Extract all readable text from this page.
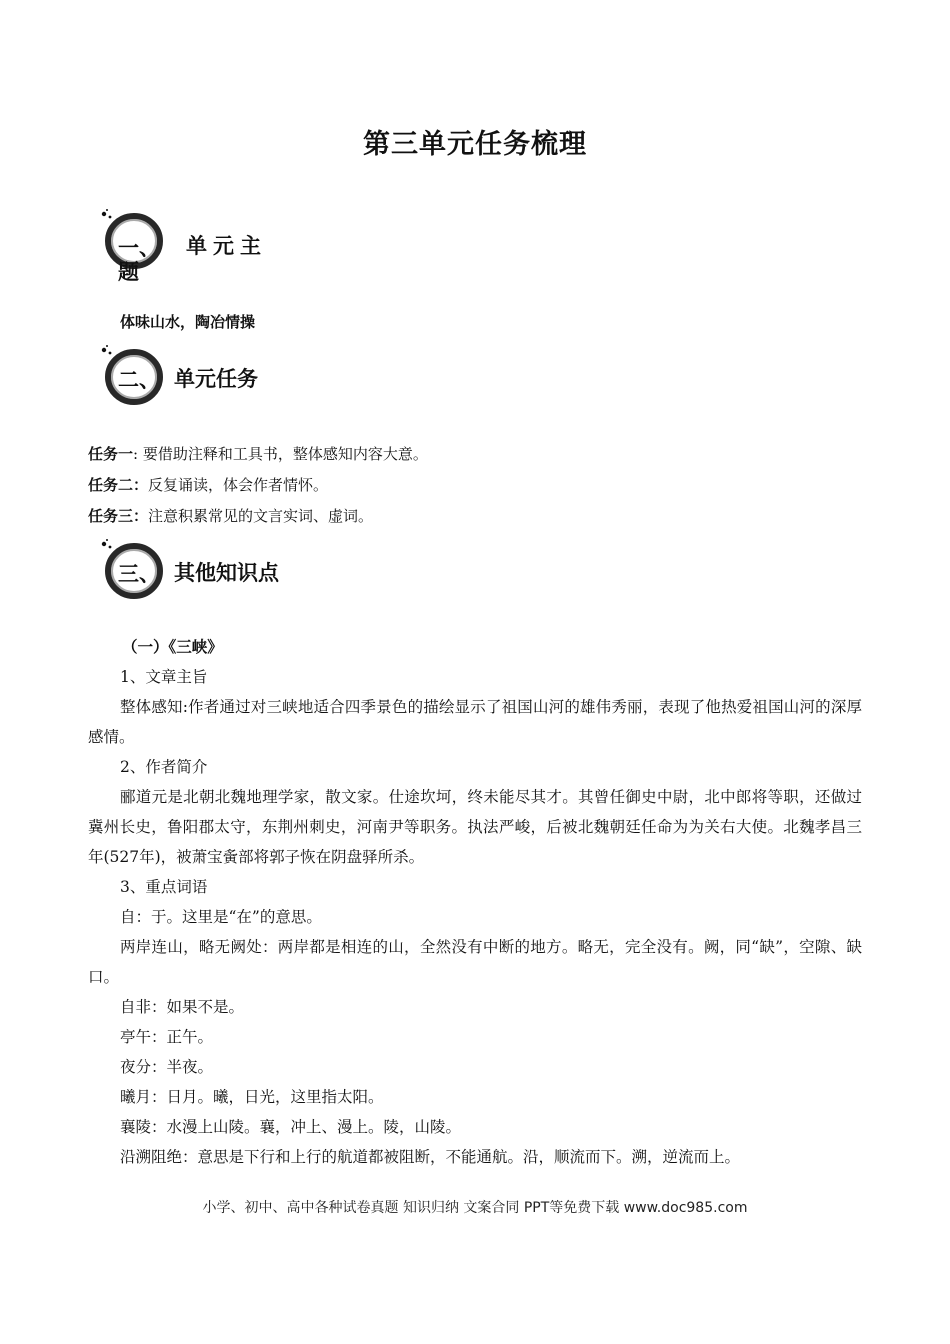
第三单元任务梳理
一、 单元主
题
体味山水，陶冶情操
二、 单元任务
任务一: 要借助注释和工具书，整体感知内容大意。
任务二：反复诵读，体会作者情怀。
任务三：注意积累常见的文言实词、虚词。
三、 其他知识点
（一）《三峡》
1、文章主旨
整体感知:作者通过对三峡地适合四季景色的描绘显示了祖国山河的雄伟秀丽，表现了他热爱祖国山河的深厚感情。
2、作者简介
郦道元是北朝北魏地理学家，散文家。仕途坎坷，终未能尽其才。其曾任御史中尉，北中郎将等职，还做过冀州长史，鲁阳郡太守，东荆州刺史，河南尹等职务。执法严峻，后被北魏朝廷任命为为关右大使。北魏孝昌三年(527年)，被萧宝夤部将郭子恢在阴盘驿所杀。
3、重点词语
自：于。这里是“在”的意思。
两岸连山，略无阙处：两岸都是相连的山，全然没有中断的地方。略无，完全没有。阙，同“缺”，空隙、缺口。
自非：如果不是。
亭午：正午。
夜分：半夜。
曦月：日月。曦，日光，这里指太阳。
襄陵：水漫上山陵。襄，冲上、漫上。陵，山陵。
沿溯阻绝：意思是下行和上行的航道都被阻断，不能通航。沿，顺流而下。溯，逆流而上。
小学、初中、高中各种试卷真题 知识归纳 文案合同 PPT等免费下载 www.doc985.com
